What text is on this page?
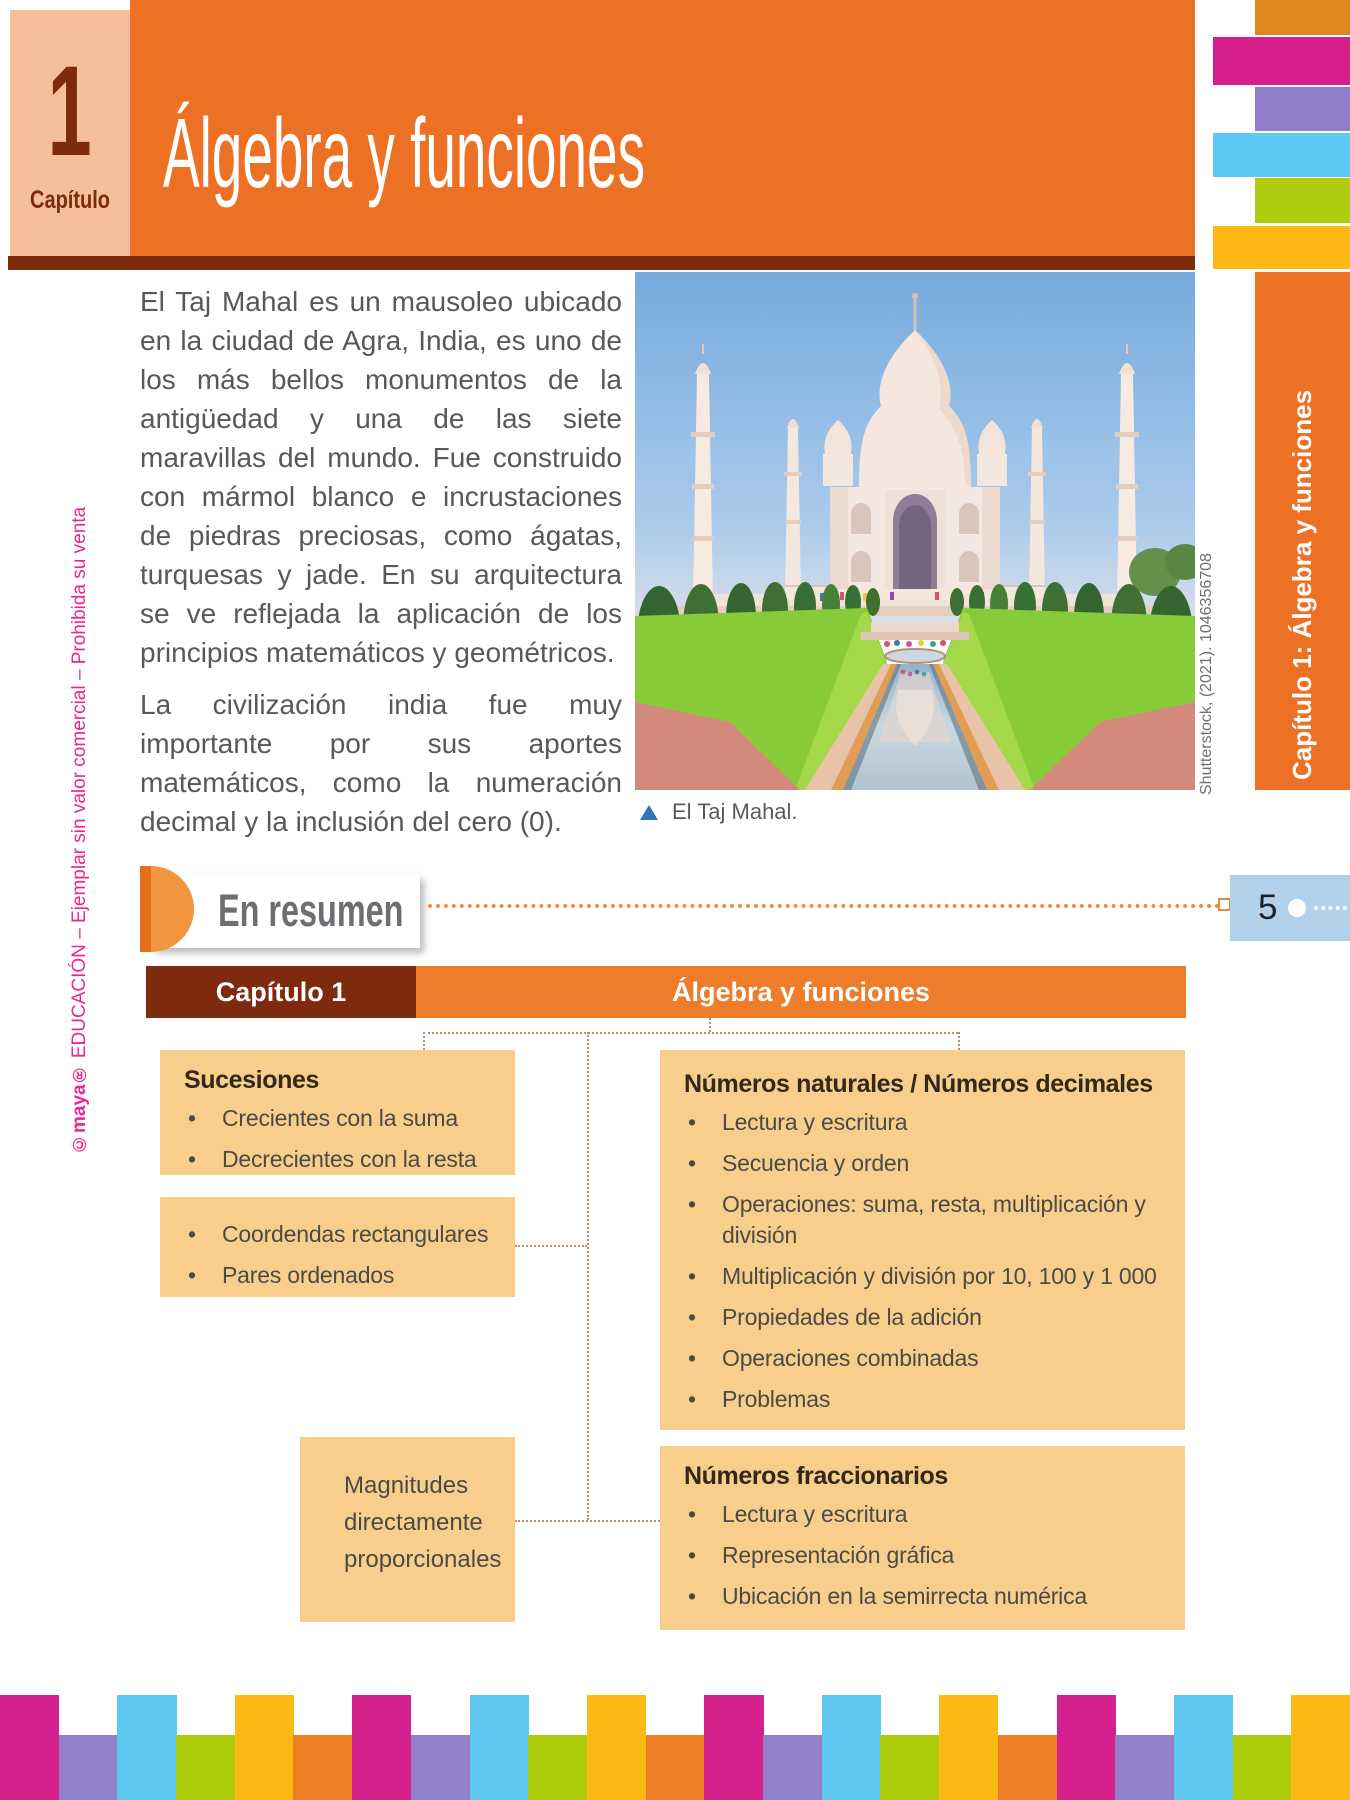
1
Capítulo Álgebra y funciones
Capítulo 1: Álgebra y funciones
©maya® EDUCACIÓN – Ejemplar sin valor comercial – Prohibida su venta

El Taj Mahal es un mausoleo ubicado en la ciudad de Agra, India, es uno de los más bellos monumentos de la antigüedad y una de las siete maravillas del mundo. Fue construido con mármol blanco e incrustaciones de piedras preciosas, como ágatas, turquesas y jade. En su arquitectura se ve reflejada la aplicación de los principios matemáticos y geométricos.

La civilización india fue muy importante por sus aportes matemáticos, como la numeración decimal y la inclusión del cero (0).

Shutterstock, (2021). 1046356708
El Taj Mahal.
En resumen	5
Capítulo 1	Álgebra y funciones
Sucesiones
•	Crecientes con la suma
•	Decrecientes con la resta
•	Coordendas rectangulares
•	Pares ordenados
Magnitudes directamente proporcionales
Números naturales / Números decimales
•	Lectura y escritura
•	Secuencia y orden
•	Operaciones: suma, resta, multiplicación y división
•	Multiplicación y división por 10, 100 y 1 000
•	Propiedades de la adición
•	Operaciones combinadas
•	Problemas
Números fraccionarios
•	Lectura y escritura
•	Representación gráfica
•	Ubicación en la semirrecta numérica
